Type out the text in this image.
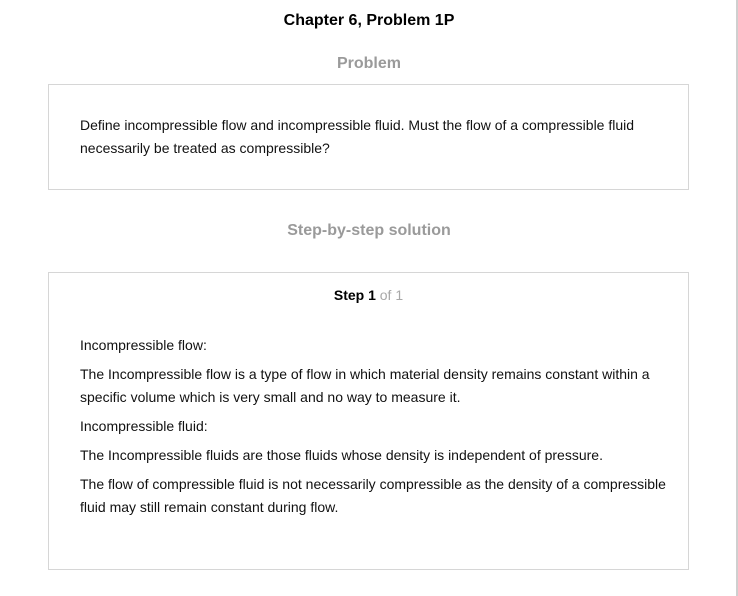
Chapter 6, Problem 1P
Problem
Define incompressible flow and incompressible fluid. Must the flow of a compressible fluid necessarily be treated as compressible?
Step-by-step solution
Step 1 of 1

Incompressible flow:

The Incompressible flow is a type of flow in which material density remains constant within a specific volume which is very small and no way to measure it.

Incompressible fluid:

The Incompressible fluids are those fluids whose density is independent of pressure.

The flow of compressible fluid is not necessarily compressible as the density of a compressible fluid may still remain constant during flow.
